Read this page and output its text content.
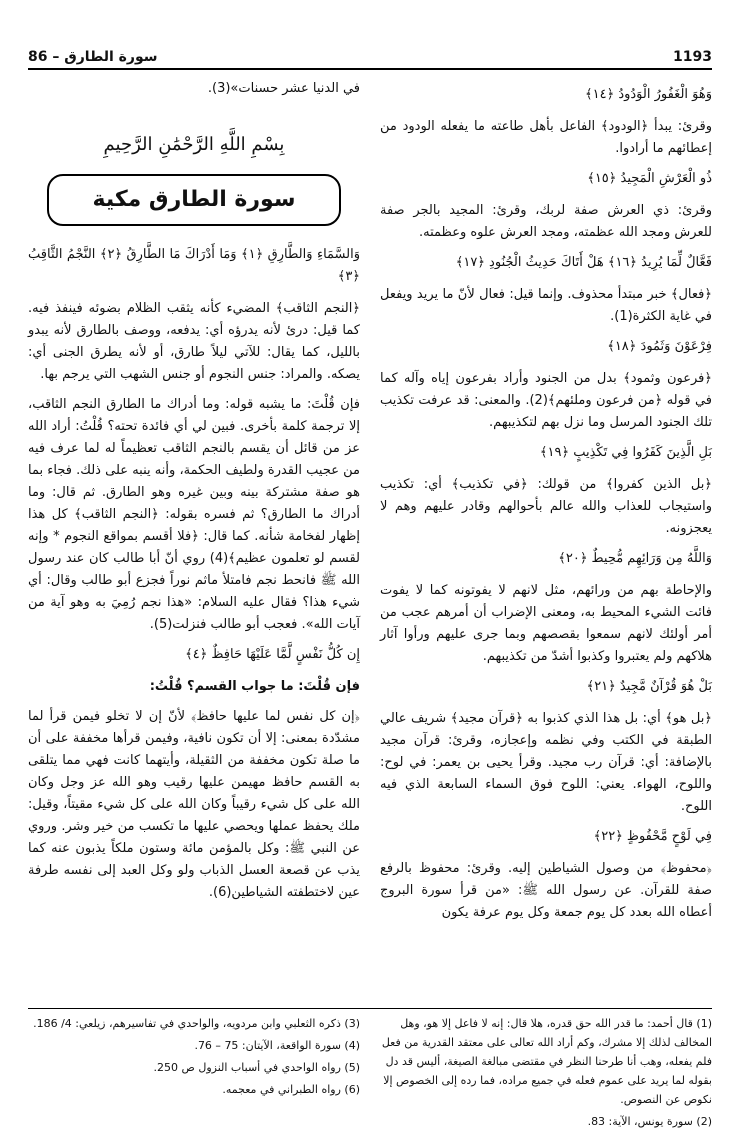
86 – سورة الطارق	1193
وَهُوَ الْغَفُورُ الْوَدُودُ ﴿١٤﴾

وقرئ: يبدأ ﴿الودود﴾ الفاعل بأهل طاعته ما يفعله الودود من إعطائهم ما أرادوا.

ذُو الْعَرْشِ الْمَجِيدُ ﴿١٥﴾

وقرئ: ذي العرش صفة لربك، وقرئ: المجيد بالجر صفة للعرش ومجد الله عظمته، ومجد العرش علوه وعظمته.

فَعَّالٌ لِّمَا يُرِيدُ ﴿١٦﴾ هَلْ أَتَاكَ حَدِيثُ الْجُنُودِ ﴿١٧﴾

﴿فعال﴾ خبر مبتدأ محذوف. وإنما قيل: فعال لأنّ ما يريد ويفعل في غاية الكثرة(1).

فِرْعَوْنَ وَثَمُودَ ﴿١٨﴾

﴿فرعون وثمود﴾ بدل من الجنود وأراد بفرعون إياه وآله كما في قوله ﴿من فرعون وملئهم﴾(2). والمعنى: قد عرفت تكذيب تلك الجنود المرسل وما نزل بهم لتكذيبهم.

بَلِ الَّذِينَ كَفَرُوا فِي تَكْذِيبٍ ﴿١٩﴾

﴿بل الذين كفروا﴾ من قولك: ﴿في تكذيب﴾ أي: تكذيب واستيجاب للعذاب والله عالم بأحوالهم وقادر عليهم وهم لا يعجزونه.

وَاللَّهُ مِن وَرَائِهِم مُّحِيطٌ ﴿٢٠﴾

والإحاطة بهم من ورائهم، مثل لانهم لا يفوتونه كما لا يفوت فائت الشيء المحيط به، ومعنى الإضراب أن أمرهم عجب من أمر أولئك لانهم سمعوا بقصصهم وبما جرى عليهم ورأوا آثار هلاكهم ولم يعتبروا وكذبوا أشدّ من تكذيبهم.

بَلْ هُوَ قُرْآنٌ مَّجِيدٌ ﴿٢١﴾

﴿بل هو﴾ أي: بل هذا الذي كذبوا به ﴿قرآن مجيد﴾ شريف عالي الطبقة في الكتب وفي نظمه وإعجازه، وقرئ: قرآن مجيد بالإضافة: أي: قرآن رب مجيد. وقرأ يحيى بن يعمر: في لوح: واللوح، الهواء. يعني: اللوح فوق السماء السابعة الذي فيه اللوح.

فِي لَوْحٍ مَّحْفُوظٍ ﴿٢٢﴾

﴿محفوظ﴾ من وصول الشياطين إليه. وقرئ: محفوظ بالرفع صفة للقرآن. عن رسول الله ﷺ: «من قرأ سورة البروج أعطاه الله بعدد كل يوم جمعة وكل يوم عرفة يكون

في الدنيا عشر حسنات»(3).

بِسْمِ اللَّهِ الرَّحْمَٰنِ الرَّحِيمِ
سورة الطارق مكية
وَالسَّمَاءِ وَالطَّارِقِ ﴿١﴾ وَمَا أَدْرَاكَ مَا الطَّارِقُ ﴿٢﴾ النَّجْمُ الثَّاقِبُ ﴿٣﴾

﴿النجم الثاقب﴾ المضيء كأنه يثقب الظلام بضوئه فينفذ فيه. كما قيل: درئ لأنه يدرؤه أي: يدفعه، ووصف بالطارق لأنه يبدو بالليل، كما يقال: للآتي ليلاً طارق، أو لأنه يطرق الجنى أي: يصكه. والمراد: جنس النجوم أو جنس الشهب التي يرجم بها.

فإن قُلْتَ: ما يشبه قوله: وما أدراك ما الطارق النجم الثاقب، إلا ترجمة كلمة بأخرى. فبين لي أي فائدة تحته؟ قُلْتُ: أراد الله عز من قائل أن يقسم بالنجم الثاقب تعظيماً له لما عرف فيه من عجيب القدرة ولطيف الحكمة، وأنه ينبه على ذلك. فجاء بما هو صفة مشتركة بينه وبين غيره وهو الطارق. ثم قال: وما أدراك ما الطارق؟ ثم فسره بقوله: ﴿النجم الثاقب﴾ كل هذا إظهار لفخامة شأنه. كما قال: ﴿فلا أقسم بمواقع النجوم * وإنه لقسم لو تعلمون عظيم﴾(4) روي أنّ أبا طالب كان عند رسول الله ﷺ فانحط نجم فامتلأ ماثم نوراً فجزع أبو طالب وقال: أي شيء هذا؟ فقال عليه السلام: «هذا نجم رُمِيَ به وهو آية من آيات الله». فعجب أبو طالب فنزلت(5).

إِن كُلُّ نَفْسٍ لَّمَّا عَلَيْهَا حَافِظٌ ﴿٤﴾

فإن قُلْتَ: ما جواب القسم؟ قُلْتُ:

﴿إن كل نفس لما عليها حافظ﴾ لأنّ إن لا تخلو فيمن قرأ لما مشدّدة بمعنى: إلا أن تكون نافية، وفيمن قرأها مخففة على أن ما صلة تكون مخففة من الثقيلة، وأيتهما كانت فهي مما يتلقى به القسم حافظ مهيمن عليها رقيب وهو الله عز وجل وكان الله على كل شيء رقيباً وكان الله على كل شيء مقيتاً، وقيل: ملك يحفظ عملها ويحصي عليها ما تكسب من خير وشر. وروي عن النبي ﷺ: وكل بالمؤمن مائة وستون ملكاً يذبون عنه كما يذب عن قصعة العسل الذباب ولو وكل العبد إلى نفسه طرفة عين لاختطفته الشياطين(6).

(1) قال أحمد: ما قدر الله حق قدره، هلا قال: إنه لا فاعل إلا هو، وهل المخالف لذلك إلا مشرك، وكم أراد الله تعالى على معتقد القدرية من فعل فلم يفعله، وهب أنا طرحنا النظر في مقتضى مبالغة الصيغة، أليس قد دل بقوله لما يريد على عموم فعله في جميع مراده، فما رده إلى الخصوص إلا نكوص عن النصوص.

(2) سورة يونس، الآية: 83.

(3) ذكره الثعلبي وابن مردويه، والواحدي في تفاسيرهم، زيلعي: 4/ 186.

(4) سورة الواقعة، الآيتان: 75 – 76.

(5) رواه الواحدي في أسباب النزول ص 250.

(6) رواه الطبراني في معجمه.
